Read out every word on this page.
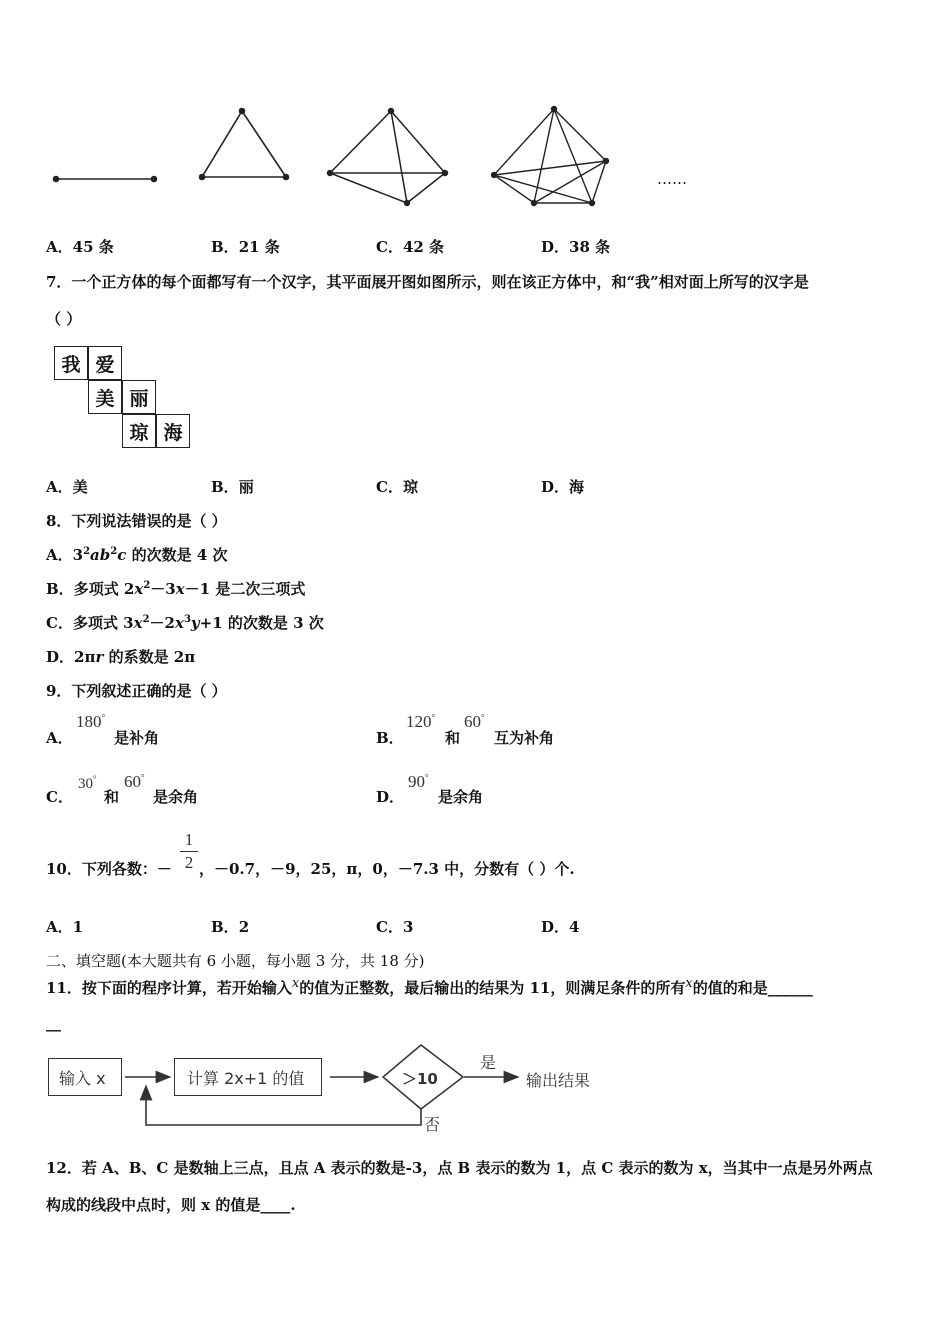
……
A．45 条	B．21 条	C．42 条	D．38 条
7．一个正方体的每个面都写有一个汉字，其平面展开图如图所示，则在该正方体中，和“我”相对面上所写的汉字是
（ ）
我 爱
美 丽
琼 海
A．美	B．丽	C．琼	D．海
8．下列说法错误的是（ ）
A．$3^2ab^2c$ 的次数是 4 次
B．多项式 $2x^2-3x-1$ 是二次三项式
C．多项式 $3x^2-2x^3y+1$ 的次数是 3 次
D．2πr 的系数是 2π
9．下列叙述正确的是（ ）
A．
180°
是补角	B．
120°
和
60°
互为补角
C．
30°
和
60°
是余角	D．
90°
是余角
10．下列各数：－
1
2 ，－0.7，－9，25，π，0，－7.3 中，分数有（ ）个.
A．1	B．2	C．3	D．4
二、填空题(本大题共有 6 小题，每小题 3 分，共 18 分)
11．按下面的程序计算，若开始输入x的值为正整数，最后输出的结果为 11，则满足条件的所有x的值的和是______
__
输入 x	计算 2x+1 的值	＞10
是
否
输出结果
12．若 A、B、C 是数轴上三点，且点 A 表示的数是-3，点 B 表示的数为 1，点 C 表示的数为 x，当其中一点是另外两点
构成的线段中点时，则 x 的值是____.
